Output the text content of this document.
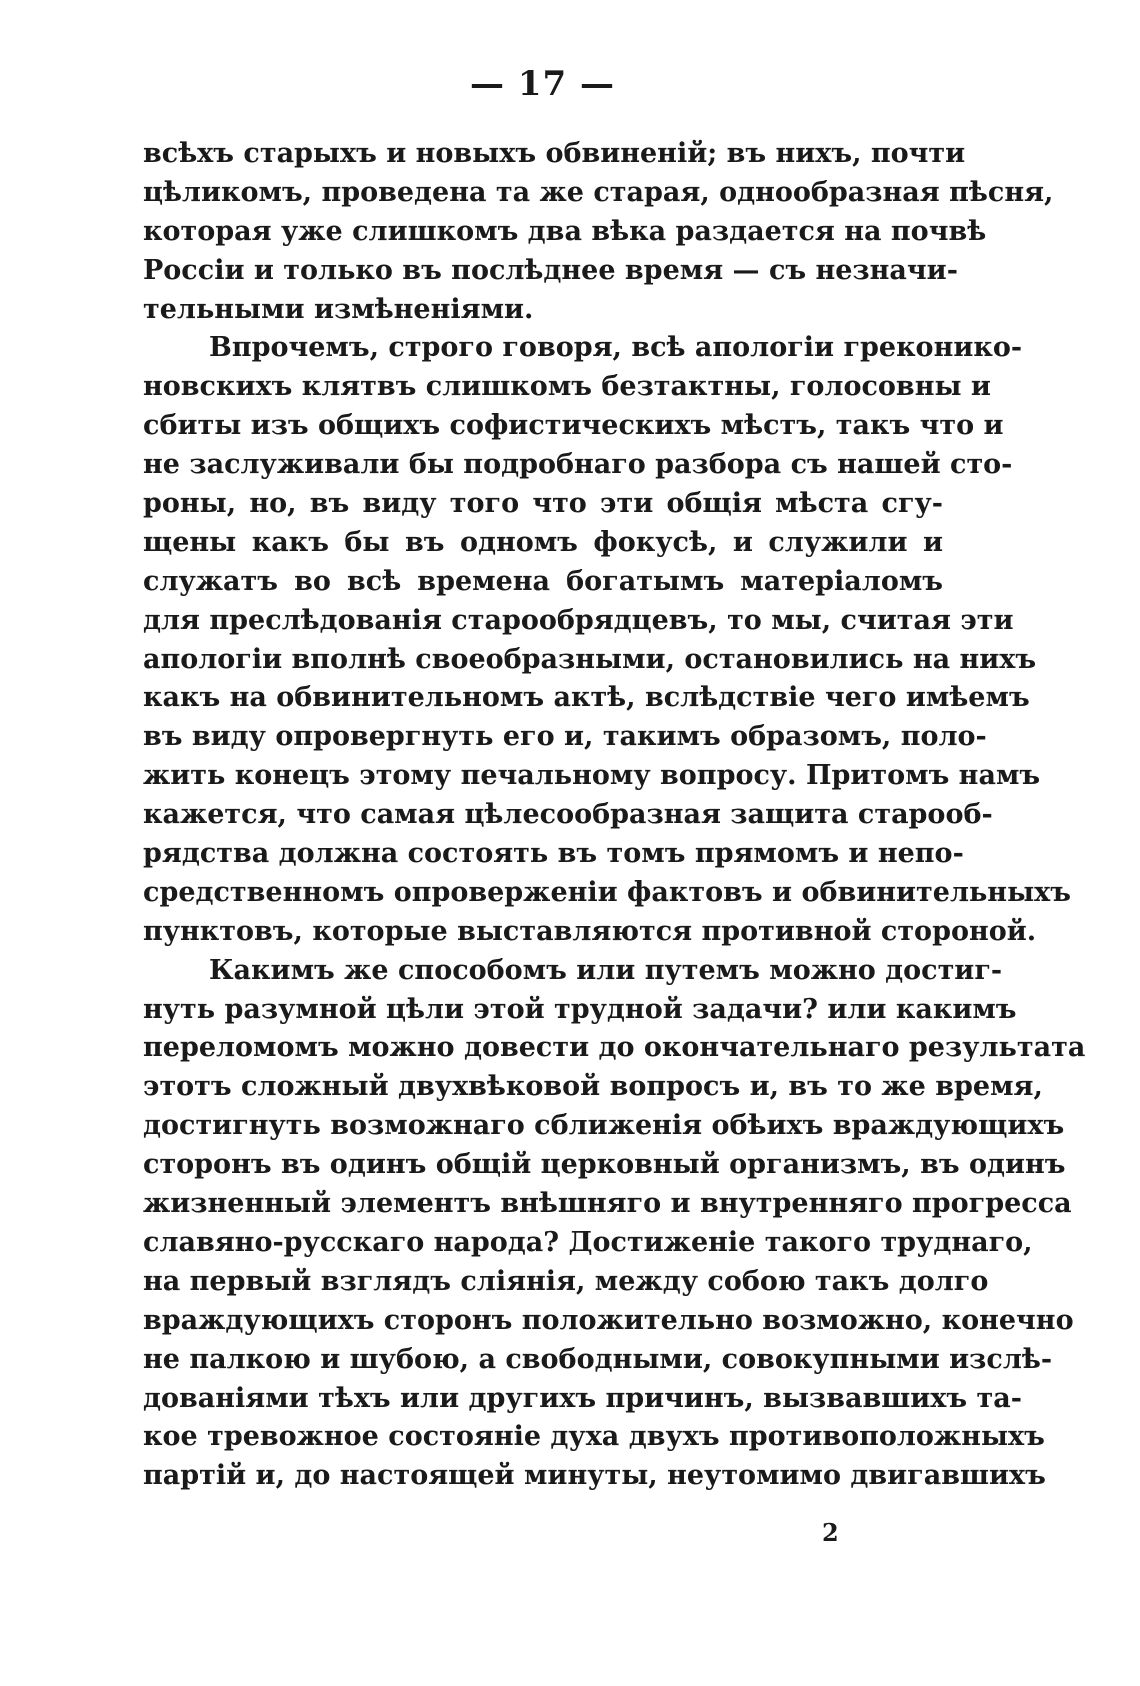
— 17 —
всѣхъ старыхъ и новыхъ обвиненій; въ нихъ, почти
цѣликомъ, проведена та же старая, однообразная пѣсня,
которая уже слишкомъ два вѣка раздается на почвѣ
Россіи и только въ послѣднее время — съ незначи-
тельными измѣненіями.
Впрочемъ, строго говоря, всѣ апологіи греконико-
новскихъ клятвъ слишкомъ безтактны, голосовны и
сбиты изъ общихъ софистическихъ мѣстъ, такъ что и
не заслуживали бы подробнаго разбора съ нашей сто-
роны, но, въ виду того что эти общія мѣста сгу-
щены какъ бы въ одномъ фокусѣ, и служили и
служатъ во всѣ времена богатымъ матеріаломъ
для преслѣдованія старообрядцевъ, то мы, считая эти
апологіи вполнѣ своеобразными, остановились на нихъ
какъ на обвинительномъ актѣ, вслѣдствіе чего имѣемъ
въ виду опровергнуть его и, такимъ образомъ, поло-
жить конецъ этому печальному вопросу. Притомъ намъ
кажется, что самая цѣлесообразная защита старооб-
рядства должна состоять въ томъ прямомъ и непо-
средственномъ опроверженіи фактовъ и обвинительныхъ
пунктовъ, которые выставляются противной стороной.
Какимъ же способомъ или путемъ можно достиг-
нуть разумной цѣли этой трудной задачи? или какимъ
переломомъ можно довести до окончательнаго результата
этотъ сложный двухвѣковой вопросъ и, въ то же время,
достигнуть возможнаго сближенія обѣихъ враждующихъ
сторонъ въ одинъ общій церковный организмъ, въ одинъ
жизненный элементъ внѣшняго и внутренняго прогресса
славяно-русскаго народа? Достиженіе такого труднаго,
на первый взглядъ сліянія, между собою такъ долго
враждующихъ сторонъ положительно возможно, конечно
не палкою и шубою, а свободными, совокупными изслѣ-
дованіями тѣхъ или другихъ причинъ, вызвавшихъ та-
кое тревожное состояніе духа двухъ противоположныхъ
партій и, до настоящей минуты, неутомимо двигавшихъ
2
